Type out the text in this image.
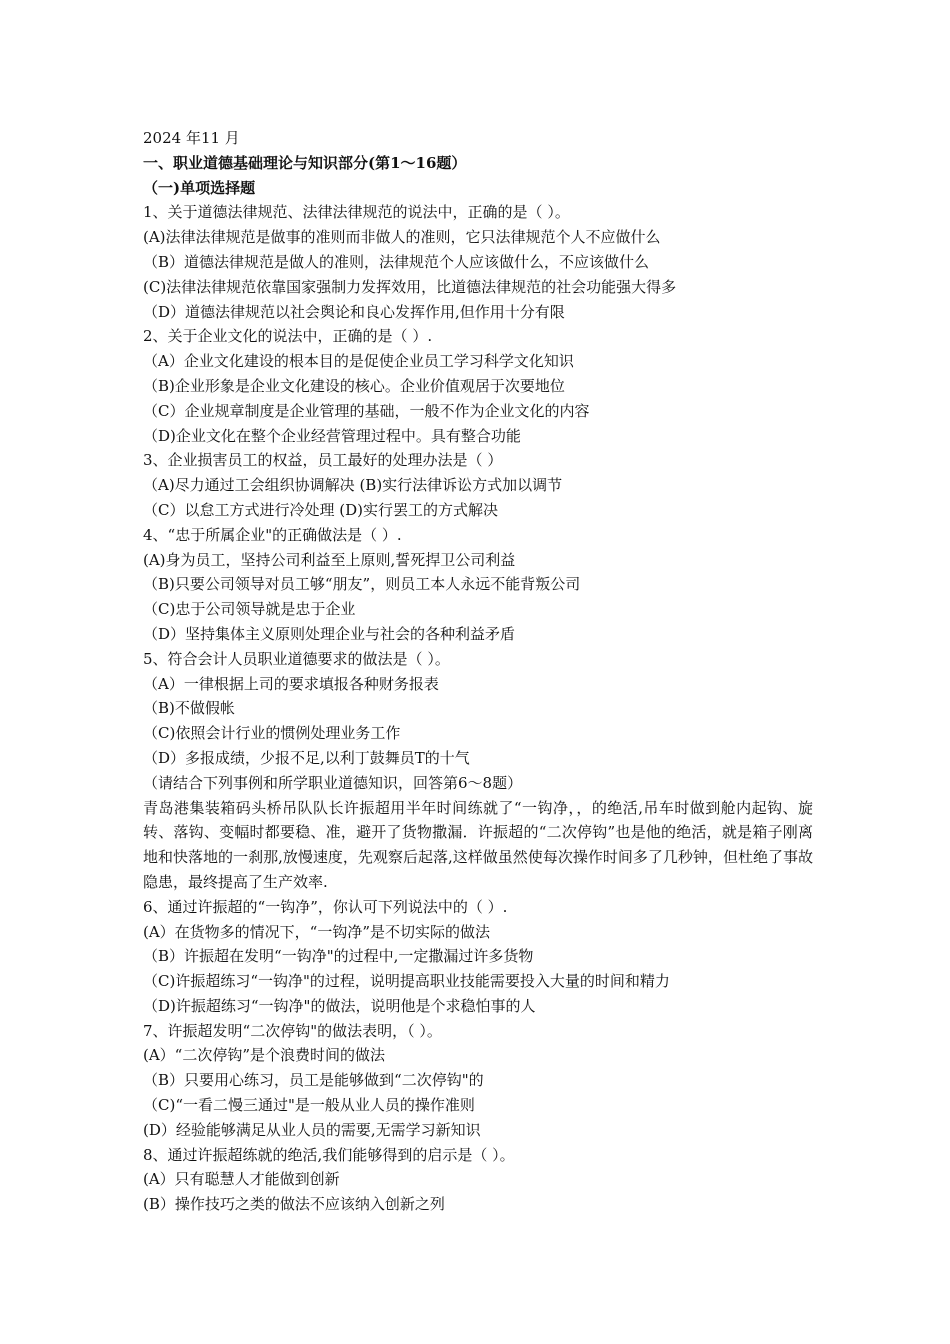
2024 年11 月
一、职业道德基础理论与知识部分(第1～16题）
（一)单项选择题
1、关于道德法律规范、法律法律规范的说法中，正确的是（ ）。
(A)法律法律规范是做事的准则而非做人的准则，它只法律规范个人不应做什么
（B）道德法律规范是做人的准则，法律规范个人应该做什么，不应该做什么
(C)法律法律规范依靠国家强制力发挥效用，比道德法律规范的社会功能强大得多
（D）道德法律规范以社会舆论和良心发挥作用,但作用十分有限
2、关于企业文化的说法中，正确的是（ ）.
（A）企业文化建设的根本目的是促使企业员工学习科学文化知识
（B)企业形象是企业文化建设的核心。企业价值观居于次要地位
（C）企业规章制度是企业管理的基础，一般不作为企业文化的内容
（D)企业文化在整个企业经营管理过程中。具有整合功能
3、企业损害员工的权益，员工最好的处理办法是（ ）
（A)尽力通过工会组织协调解决 (B)实行法律诉讼方式加以调节
（C）以怠工方式进行冷处理 (D)实行罢工的方式解决
4、“忠于所属企业"的正确做法是（ ）.
(A)身为员工，坚持公司利益至上原则,誓死捍卫公司利益
（B)只要公司领导对员工够“朋友”，则员工本人永远不能背叛公司
（C)忠于公司领导就是忠于企业
（D）坚持集体主义原则处理企业与社会的各种利益矛盾
5、符合会计人员职业道德要求的做法是（ ）。
（A）一律根据上司的要求填报各种财务报表
（B)不做假帐
（C)依照会计行业的惯例处理业务工作
（D）多报成绩，少报不足,以利丁鼓舞员Τ的十气
（请结合下列事例和所学职业道德知识，回答第6～8题）
青岛港集装箱码头桥吊队队长许振超用半年时间练就了“一钩净，，的绝活,吊车时做到舱内起钩、旋转、落钩、变幅时都要稳、准，避开了货物撒漏．许振超的“二次停钩”也是他的绝活，就是箱子刚离地和快落地的一刹那,放慢速度，先观察后起落,这样做虽然使每次操作时间多了几秒钟，但杜绝了事故隐患，最终提高了生产效率.
6、通过许振超的“一钩净”，你认可下列说法中的（ ）.
(A）在货物多的情况下，“一钩净”是不切实际的做法
（B）许振超在发明“一钩净"的过程中,一定撒漏过许多货物
（C)许振超练习“一钩净"的过程，说明提高职业技能需要投入大量的时间和精力
（D)许振超练习“一钩净"的做法，说明他是个求稳怕事的人
7、许振超发明“二次停钩"的做法表明，（ ）。
(A）“二次停钩”是个浪费时间的做法
（B）只要用心练习，员工是能够做到“二次停钩"的
（C)“一看二慢三通过"是一般从业人员的操作准则
(D）经验能够满足从业人员的需要,无需学习新知识
8、通过许振超练就的绝活,我们能够得到的启示是（ ）。
(A）只有聪慧人才能做到创新
(B）操作技巧之类的做法不应该纳入创新之列
